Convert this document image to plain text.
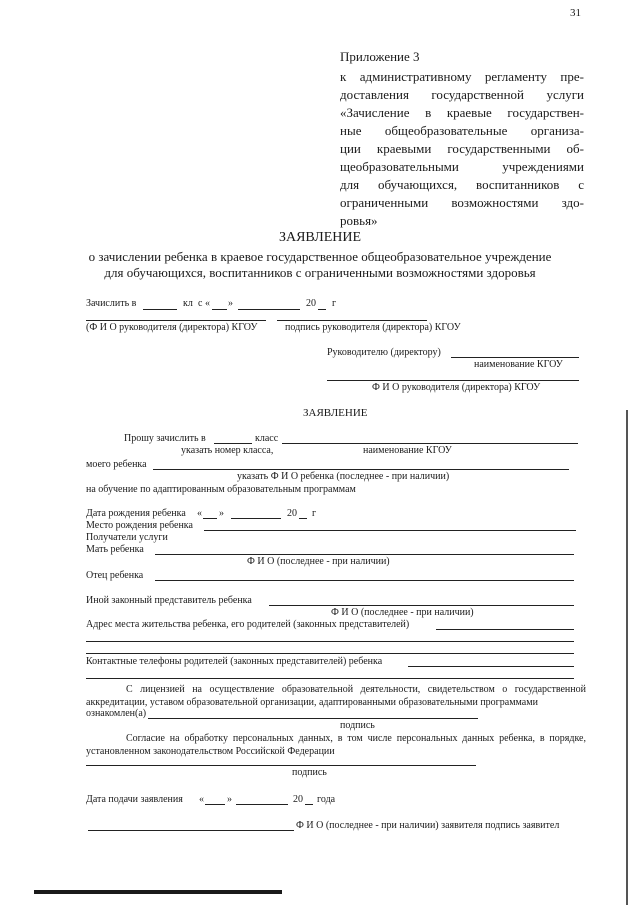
31
Приложение 3
к административному регламенту пре-
доставления государственной услуги
«Зачисление в краевые государствен-
ные общеобразовательные организа-
ции краевыми государственными об-
щеобразовательными учреждениями
для обучающихся, воспитанников с
ограниченными возможностями здо-
ровья»
ЗАЯВЛЕНИЕ
о зачислении ребенка в краевое государственное общеобразовательное учреждение
для обучающихся, воспитанников с ограниченными возможностями здоровья
Зачислить в	кл с « »	20 г
(Ф И О руководителя (директора) КГОУ	подпись руководителя (директора) КГОУ
Руководителю (директору)
наименование КГОУ
Ф И О руководителя (директора) КГОУ
ЗАЯВЛЕНИЕ
Прошу зачислить в	класс
указать номер класса,	наименование КГОУ
моего ребенка
указать Ф И О ребенка (последнее - при наличии)
на обучение по адаптированным образовательным программам
Дата рождения ребенка « »	20 г
Место рождения ребенка
Получатели услуги
Мать ребенка
Ф И О (последнее - при наличии)
Отец ребенка
Иной законный представитель ребенка
Ф И О (последнее - при наличии)
Адрес места жительства ребенка, его родителей (законных представителей)
Контактные телефоны родителей (законных представителей) ребенка
С лицензией на осуществление образовательной деятельности, свидетельством о государственной аккредитации, уставом образовательной организации, адаптированными образовательными программами
ознакомлен(а)
подпись
Согласие на обработку персональных данных, в том числе персональных данных ребенка, в порядке, установленном законодательством Российской Федерации
подпись
Дата подачи заявления « »	20 года
Ф И О (последнее - при наличии) заявителя подпись заявител
